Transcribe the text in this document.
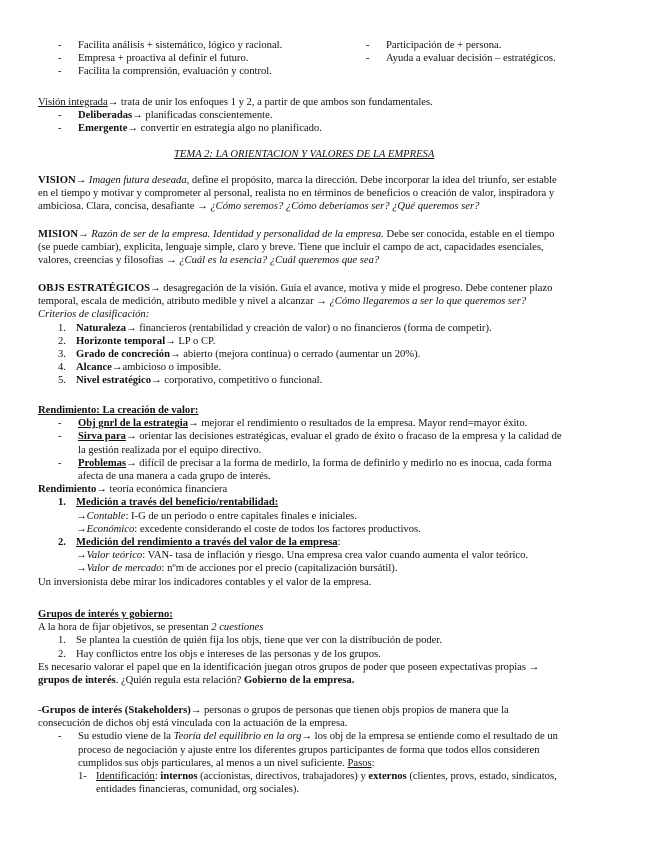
- Facilita análisis + sistemático, lógico y racional.
- Empresa + proactiva al definir el futuro.
- Facilita la comprensión, evaluación y control.
- Participación de + persona.
- Ayuda a evaluar decisión – estratégicos.
Visión integrada→ trata de unir los enfoques 1 y 2, a partir de que ambos son fundamentales.
- Deliberadas→ planificadas conscientemente.
- Emergente→ convertir en estrategia algo no planificado.
TEMA 2: LA ORIENTACION Y VALORES DE LA EMPRESA
VISION→ Imagen futura deseada, define el propósito, marca la dirección. Debe incorporar la idea del triunfo, ser estable
en el tiempo y motivar y comprometer al personal, realista no en términos de beneficios o creación de valor, inspiradora y
ambiciosa. Clara, concisa, desafiante → ¿Cómo seremos? ¿Cómo deberíamos ser? ¿Qué queremos ser?
MISION→ Razón de ser de la empresa. Identidad y personalidad de la empresa. Debe ser conocida, estable en el tiempo
(se puede cambiar), explicita, lenguaje simple, claro y breve. Tiene que incluir el campo de act, capacidades esenciales,
valores, creencias y filosofías → ¿Cuál es la esencia? ¿Cuál queremos que sea?
OBJS ESTRATÉGICOS→ desagregación de la visión. Guía el avance, motiva y mide el progreso. Debe contener plazo
temporal, escala de medición, atributo medible y nivel a alcanzar → ¿Cómo llegaremos a ser lo que queremos ser?
Criterios de clasificación:
1. Naturaleza→ financieros (rentabilidad y creación de valor) o no financieros (forma de competir).
2. Horizonte temporal→ LP o CP.
3. Grado de concreción→ abierto (mejora continua) o cerrado (aumentar un 20%).
4. Alcance→ambicioso o imposible.
5. Nivel estratégico→ corporativo, competitivo o funcional.
Rendimiento: La creación de valor:
- Obj gnrl de la estrategia→ mejorar el rendimiento o resultados de la empresa. Mayor rend=mayor éxito.
- Sirva para→ orientar las decisiones estratégicas, evaluar el grado de éxito o fracaso de la empresa y la calidad de
la gestión realizada por el equipo directivo.
- Problemas→ difícil de precisar a la forma de medirlo, la forma de definirlo y medirlo no es inocua, cada forma
afecta de una manera a cada grupo de interés.
Rendimiento→ teoría económica financiera
1. Medición a través del beneficio/rentabilidad:
→Contable: I-G de un periodo o entre capitales finales e iniciales.
→Económico: excedente considerando el coste de todos los factores productivos.
2. Medición del rendimiento a través del valor de la empresa:
→Valor teórico: VAN- tasa de inflación y riesgo. Una empresa crea valor cuando aumenta el valor teórico.
→Valor de mercado: nºm de acciones por el precio (capitalización bursátil).
Un inversionista debe mirar los indicadores contables y el valor de la empresa.
Grupos de interés y gobierno:
A la hora de fijar objetivos, se presentan 2 cuestiones
1. Se plantea la cuestión de quién fija los objs, tiene que ver con la distribución de poder.
2. Hay conflictos entre los objs e intereses de las personas y de los grupos.
Es necesario valorar el papel que en la identificación juegan otros grupos de poder que poseen expectativas propias →
grupos de interés. ¿Quién regula esta relación? Gobierno de la empresa.
-Grupos de interés (Stakeholders)→ personas o grupos de personas que tienen objs propios de manera que la
consecución de dichos obj está vinculada con la actuación de la empresa.
- Su estudio viene de la Teoría del equilibrio en la org→ los obj de la empresa se entiende como el resultado de un
proceso de negociación y ajuste entre los diferentes grupos participantes de forma que todos ellos consideren
cumplidos sus objs particulares, al menos a un nivel suficiente. Pasos:
1- Identificación: internos (accionistas, directivos, trabajadores) y externos (clientes, provs, estado, sindicatos,
entidades financieras, comunidad, org sociales).
